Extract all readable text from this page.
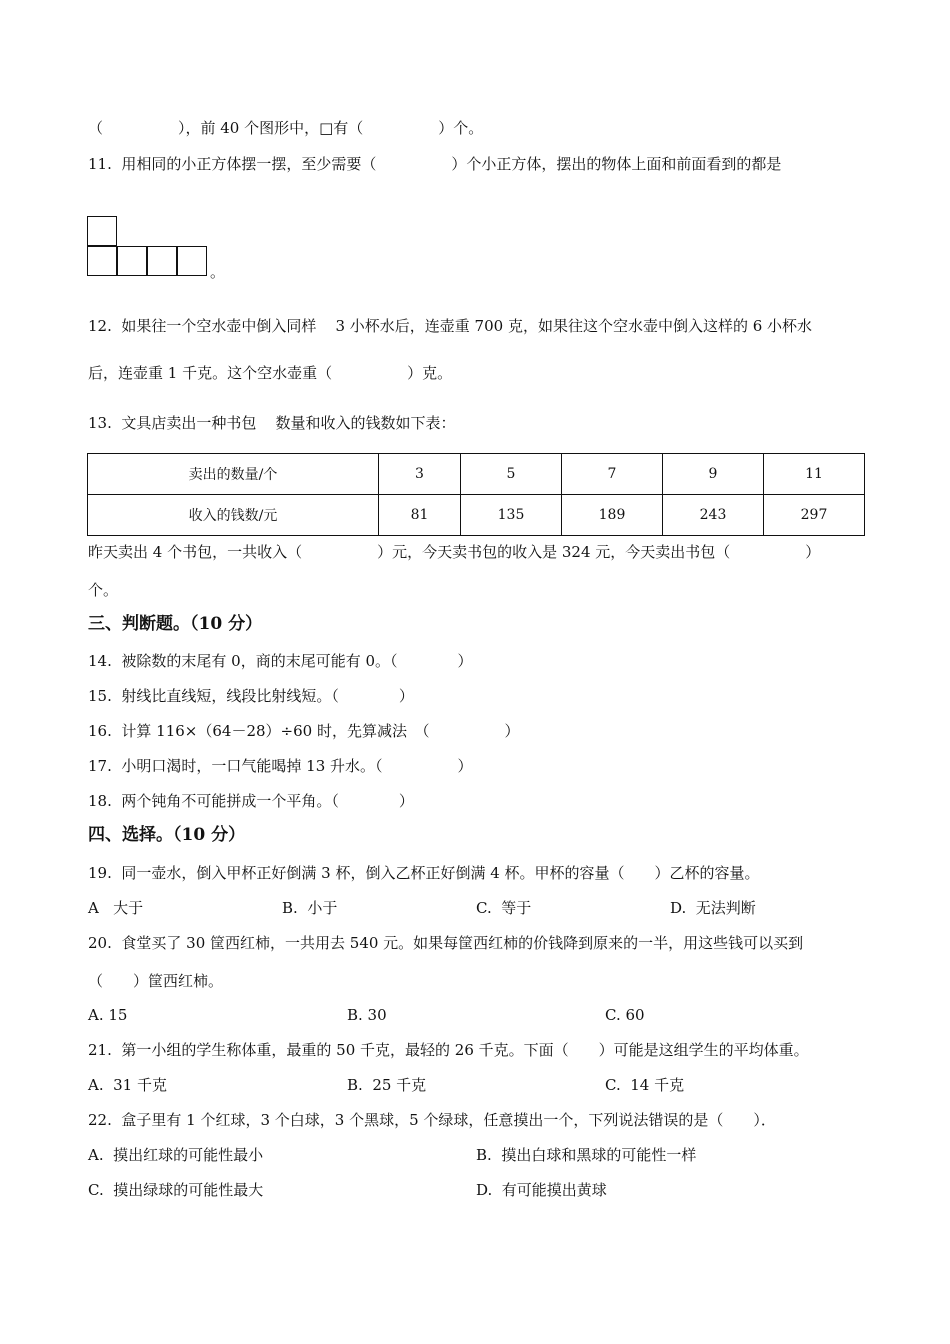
（　　　　　），前 40 个图形中，□有（　　　　　）个。
11.  用相同的小正方体摆一摆，至少需要（　　　　　）个小正方体，摆出的物体上面和前面看到的都是
。
12.  如果往一个空水壶中倒入同样    3 小杯水后，连壶重 700 克，如果往这个空水壶中倒入这样的 6 小杯水
后，连壶重 1 千克。这个空水壶重（　　　　　）克。
13.  文具店卖出一种书包    数量和收入的钱数如下表：
卖出的数量/个	3	5	7	9	11
收入的钱数/元	81	135	189	243	297
昨天卖出 4 个书包，一共收入（　　　　　）元，今天卖书包的收入是 324 元，今天卖出书包（　　　　　）
个。
三、判断题。（10 分）
14.  被除数的末尾有 0，商的末尾可能有 0。（　　　　）
15.  射线比直线短，线段比射线短。（　　　　）
16.  计算 116×（64－28）÷60 时，先算减法　（　　　　　）
17.  小明口渴时，一口气能喝掉 13 升水。（　　　　　）
18.  两个钝角不可能拼成一个平角。（　　　　）
四、选择。（10 分）
19.  同一壶水，倒入甲杯正好倒满 3 杯，倒入乙杯正好倒满 4 杯。甲杯的容量（　　）乙杯的容量。
A   大于	B.  小于	C.  等于	D.  无法判断
20.  食堂买了 30 筐西红柿，一共用去 540 元。如果每筐西红柿的价钱降到原来的一半，用这些钱可以买到
（　　）筐西红柿。
A. 15	B. 30	C. 60
21.  第一小组的学生称体重，最重的 50 千克，最轻的 26 千克。下面（　　）可能是这组学生的平均体重。
A.  31 千克	B.  25 千克	C.  14 千克
22.  盒子里有 1 个红球，3 个白球，3 个黑球，5 个绿球，任意摸出一个，下列说法错误的是（　　）．
A.  摸出红球的可能性最小	B.  摸出白球和黑球的可能性一样
C.  摸出绿球的可能性最大	D.  有可能摸出黄球
